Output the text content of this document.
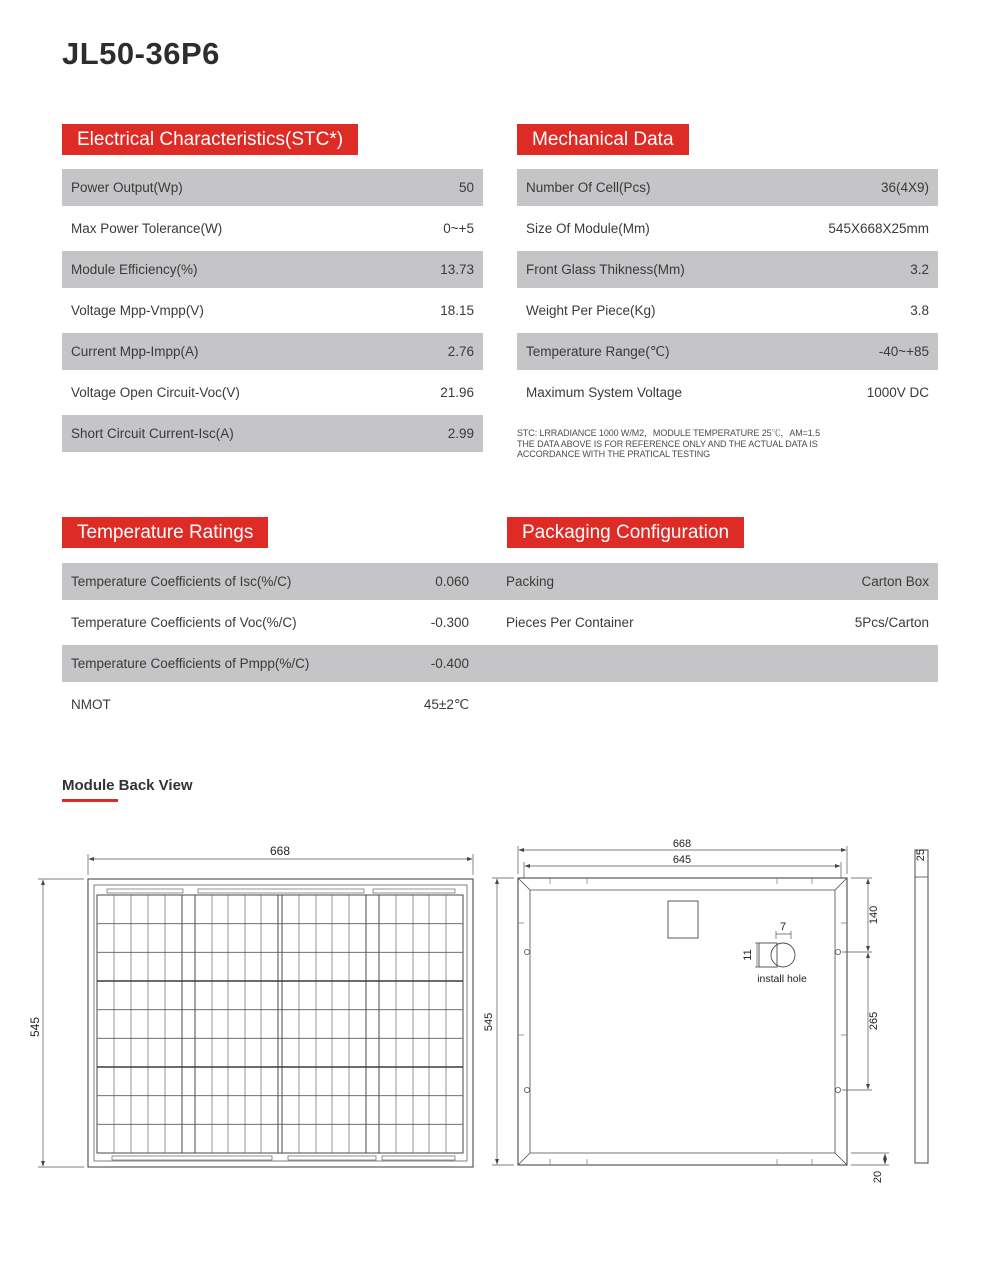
JL50-36P6
Electrical Characteristics(STC*)
Power Output(Wp)	50
Max Power Tolerance(W)	0~+5
Module Efficiency(%)	13.73
Voltage Mpp-Vmpp(V)	18.15
Current Mpp-Impp(A)	2.76
Voltage Open Circuit-Voc(V)	21.96
Short Circuit Current-Isc(A)	2.99
Mechanical Data
Number Of Cell(Pcs)	36(4X9)
Size Of Module(Mm)	545X668X25mm
Front Glass Thikness(Mm)	3.2
Weight Per Piece(Kg)	3.8
Temperature Range(℃)	-40~+85
Maximum System Voltage	1000V DC
STC: LRRADIANCE 1000 W/M2，MODULE TEMPERATURE 25℃，AM=1.5
THE DATA ABOVE IS FOR REFERENCE ONLY AND THE ACTUAL DATA IS
ACCORDANCE WITH THE PRATICAL TESTING
Temperature Ratings	Packaging Configuration
Temperature Coefficients of Isc(%/C)	0.060	Packing	Carton Box
Temperature Coefficients of Voc(%/C)	-0.300	Pieces Per Container	5Pcs/Carton
Temperature Coefficients of Pmpp(%/C)	-0.400
NMOT	45±2℃
Module Back View
668
545
7
11
install hole
668
645
545
140
265
20
25
